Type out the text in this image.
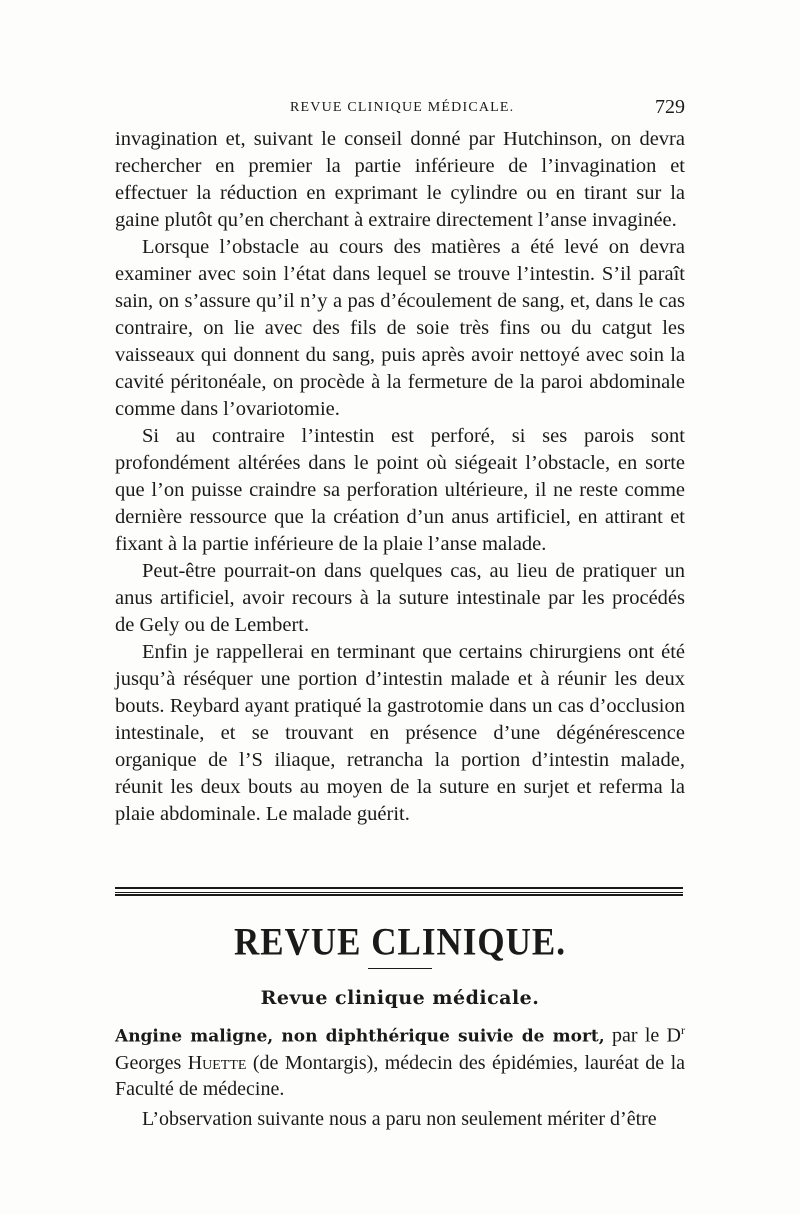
REVUE CLINIQUE MÉDICALE.	729

invagination et, suivant le conseil donné par Hutchinson, on devra rechercher en premier la partie inférieure de l’invagination et effectuer la réduction en exprimant le cylindre ou en tirant sur la gaine plutôt qu’en cherchant à extraire directement l’anse invaginée.

Lorsque l’obstacle au cours des matières a été levé on devra examiner avec soin l’état dans lequel se trouve l’intestin. S’il paraît sain, on s’assure qu’il n’y a pas d’écoulement de sang, et, dans le cas contraire, on lie avec des fils de soie très fins ou du catgut les vaisseaux qui donnent du sang, puis après avoir nettoyé avec soin la cavité péritonéale, on procède à la fermeture de la paroi abdominale comme dans l’ovariotomie.

Si au contraire l’intestin est perforé, si ses parois sont profondément altérées dans le point où siégeait l’obstacle, en sorte que l’on puisse craindre sa perforation ultérieure, il ne reste comme dernière ressource que la création d’un anus artificiel, en attirant et fixant à la partie inférieure de la plaie l’anse malade.

Peut-être pourrait-on dans quelques cas, au lieu de pratiquer un anus artificiel, avoir recours à la suture intestinale par les procédés de Gely ou de Lembert.

Enfin je rappellerai en terminant que certains chirurgiens ont été jusqu’à réséquer une portion d’intestin malade et à réunir les deux bouts. Reybard ayant pratiqué la gastrotomie dans un cas d’occlusion intestinale, et se trouvant en présence d’une dégénérescence organique de l’S iliaque, retrancha la portion d’intestin malade, réunit les deux bouts au moyen de la suture en surjet et referma la plaie abdominale. Le malade guérit.

REVUE CLINIQUE.
Revue clinique médicale.

Angine maligne, non diphthérique suivie de mort, par le $D^r$ Georges Huette (de Montargis), médecin des épidémies, lauréat de la Faculté de médecine.

L’observation suivante nous a paru non seulement mériter d’être
